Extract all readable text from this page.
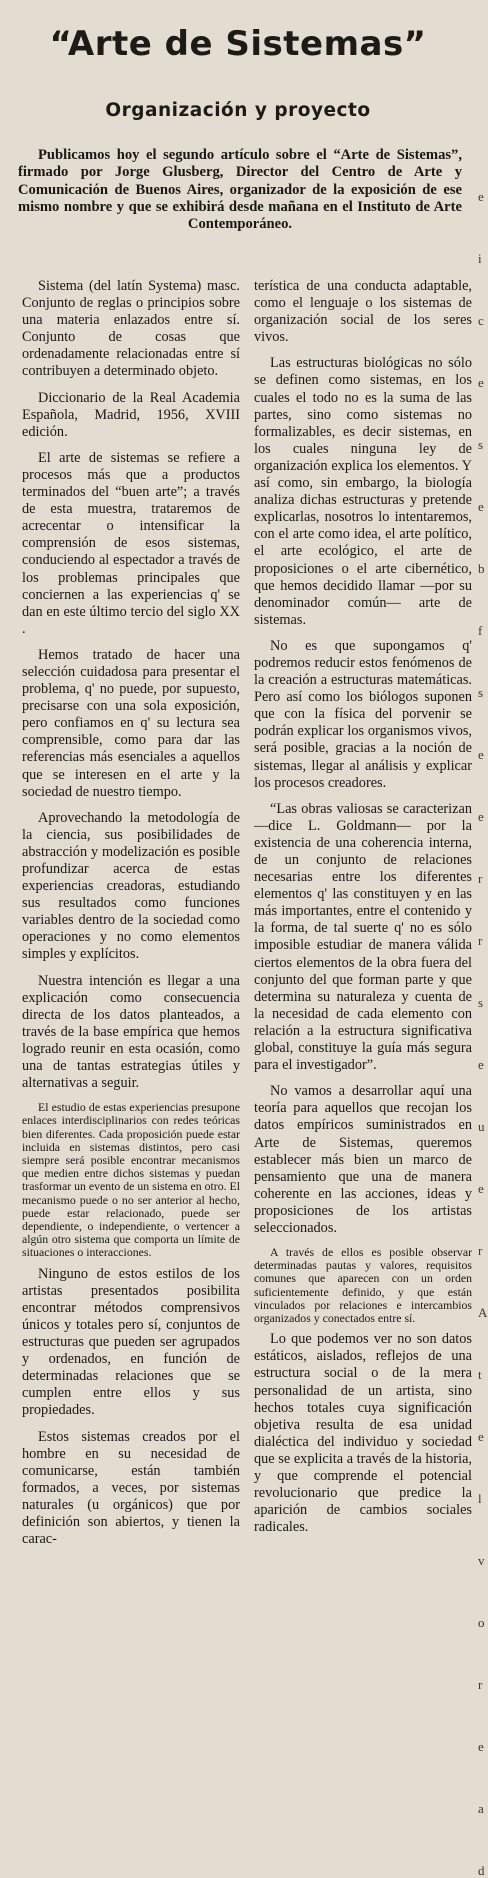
“Arte de Sistemas”
Organización y proyecto

Publicamos hoy el segundo artículo sobre el “Arte de Sistemas”, firmado por Jorge Glusberg, Director del Centro de Arte y Comunicación de Buenos Aires, organizador de la exposición de ese mismo nombre y que se exhibirá desde mañana en el Instituto de Arte Contemporáneo.

Sistema (del latín Systema) masc. Conjunto de reglas o principios sobre una materia enlazados entre sí. Conjunto de cosas que ordenadamente relacionadas entre sí contribuyen a determinado objeto.

Diccionario de la Real Academia Española, Madrid, 1956, XVIII edición.

El arte de sistemas se refiere a procesos más que a productos terminados del “buen arte”; a través de esta muestra, trataremos de acrecentar o intensificar la comprensión de esos sistemas, conduciendo al espectador a través de los problemas principales que conciernen a las experiencias q' se dan en este último tercio del siglo XX .

Hemos tratado de hacer una selección cuidadosa para presentar el problema, q' no puede, por supuesto, precisarse con una sola exposición, pero confiamos en q' su lectura sea comprensible, como para dar las referencias más esenciales a aquellos que se interesen en el arte y la sociedad de nuestro tiempo.

Aprovechando la metodología de la ciencia, sus posibilidades de abstracción y modelización es posible profundizar acerca de estas experiencias creadoras, estudiando sus resultados como funciones variables dentro de la sociedad como operaciones y no como elementos simples y explícitos.

Nuestra intención es llegar a una explicación como consecuencia directa de los datos planteados, a través de la base empírica que hemos logrado reunir en esta ocasión, como una de tantas estrategias útiles y alternativas a seguir.

El estudio de estas experiencias presupone enlaces interdisciplinarios con redes teóricas bien diferentes. Cada proposición puede estar incluida en sistemas distintos, pero casi siempre será posible encontrar mecanismos que medien entre dichos sistemas y puedan trasformar un evento de un sistema en otro. El mecanismo puede o no ser anterior al hecho, puede estar relacionado, puede ser dependiente, o independiente, o vertencer a algún otro sistema que comporta un límite de situaciones o interacciones.

Ninguno de estos estilos de los artistas presentados posibilita encontrar métodos comprensivos únicos y totales pero sí, conjuntos de estructuras que pueden ser agrupados y ordenados, en función de determinadas relaciones que se cumplen entre ellos y sus propiedades.

Estos sistemas creados por el hombre en su necesidad de comunicarse, están también formados, a veces, por sistemas naturales (u orgánicos) que por definición son abiertos, y tienen la carac-

terística de una conducta adaptable, como el lenguaje o los sistemas de organización social de los seres vivos.

Las estructuras biológicas no sólo se definen como sistemas, en los cuales el todo no es la suma de las partes, sino como sistemas no formalizables, es decir sistemas, en los cuales ninguna ley de organización explica los elementos. Y así como, sin embargo, la biología analiza dichas estructuras y pretende explicarlas, nosotros lo intentaremos, con el arte como idea, el arte político, el arte ecológico, el arte de proposiciones o el arte cibernético, que hemos decidido llamar —por su denominador común— arte de sistemas.

No es que supongamos q' podremos reducir estos fenómenos de la creación a estructuras matemáticas. Pero así como los biólogos suponen que con la física del porvenir se podrán explicar los organismos vivos, será posible, gracias a la noción de sistemas, llegar al análisis y explicar los procesos creadores.

“Las obras valiosas se caracterizan —dice L. Goldmann— por la existencia de una coherencia interna, de un conjunto de relaciones necesarias entre los diferentes elementos q' las constituyen y en las más importantes, entre el contenido y la forma, de tal suerte q' no es sólo imposible estudiar de manera válida ciertos elementos de la obra fuera del conjunto del que forman parte y que determina su naturaleza y cuenta de la necesidad de cada elemento con relación a la estructura significativa global, constituye la guía más segura para el investigador”.

No vamos a desarrollar aquí una teoría para aquellos que recojan los datos empíricos suministrados en Arte de Sistemas, queremos establecer más bien un marco de pensamiento que una de manera coherente en las acciones, ideas y proposiciones de los artistas seleccionados.

A través de ellos es posible observar determinadas pautas y valores, requisitos comunes que aparecen con un orden suficientemente definido, y que están vinculados por relaciones e intercambios organizados y conectados entre sí.

Lo que podemos ver no son datos estáticos, aislados, reflejos de una estructura social o de la mera personalidad de un artista, sino hechos totales cuya significación objetiva resulta de esa unidad dialéctica del individuo y sociedad que se explicita a través de la historia, y que comprende el potencial revolucionario que predice la aparición de cambios sociales radicales.

e
i
c
e
s
e
b
f
s
e
e
r
r
s
e
u
e
r
A
t
e
l
v
o
r
e
a
d
